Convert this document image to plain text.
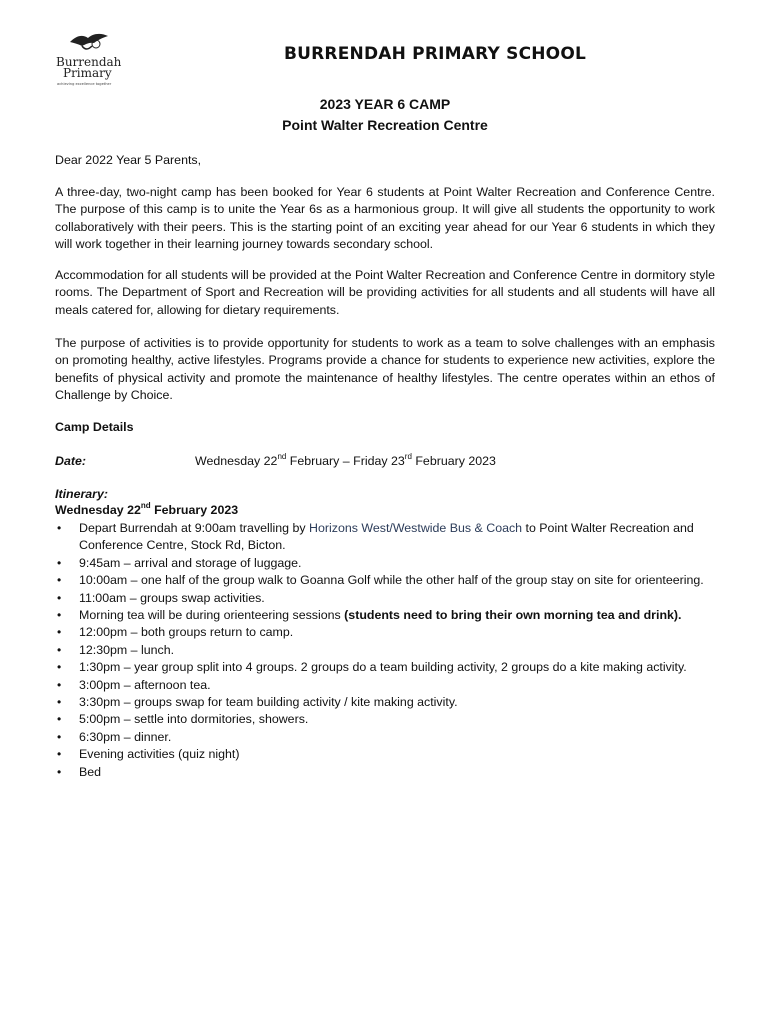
Burrendah
Primary
achieving excellence together
BURRENDAH PRIMARY SCHOOL
2023 YEAR 6 CAMP
Point Walter Recreation Centre
Dear 2022 Year 5 Parents,
A three-day, two-night camp has been booked for Year 6 students at Point Walter Recreation and Conference Centre. The purpose of this camp is to unite the Year 6s as a harmonious group. It will give all students the opportunity to work collaboratively with their peers. This is the starting point of an exciting year ahead for our Year 6 students in which they will work together in their learning journey towards secondary school.
Accommodation for all students will be provided at the Point Walter Recreation and Conference Centre in dormitory style rooms. The Department of Sport and Recreation will be providing activities for all students and all students will have all meals catered for, allowing for dietary requirements.
The purpose of activities is to provide opportunity for students to work as a team to solve challenges with an emphasis on promoting healthy, active lifestyles. Programs provide a chance for students to experience new activities, explore the benefits of physical activity and promote the maintenance of healthy lifestyles. The centre operates within an ethos of Challenge by Choice.
Camp Details
Date:	Wednesday 22nd February – Friday 23rd February 2023
Itinerary:
Wednesday 22nd February 2023
• Depart Burrendah at 9:00am travelling by Horizons West/Westwide Bus & Coach to Point Walter Recreation and Conference Centre, Stock Rd, Bicton.
• 9:45am – arrival and storage of luggage.
• 10:00am – one half of the group walk to Goanna Golf while the other half of the group stay on site for orienteering.
• 11:00am – groups swap activities.
• Morning tea will be during orienteering sessions (students need to bring their own morning tea and drink).
• 12:00pm – both groups return to camp.
• 12:30pm – lunch.
• 1:30pm – year group split into 4 groups. 2 groups do a team building activity, 2 groups do a kite making activity.
• 3:00pm – afternoon tea.
• 3:30pm – groups swap for team building activity / kite making activity.
• 5:00pm – settle into dormitories, showers.
• 6:30pm – dinner.
• Evening activities (quiz night)
• Bed
